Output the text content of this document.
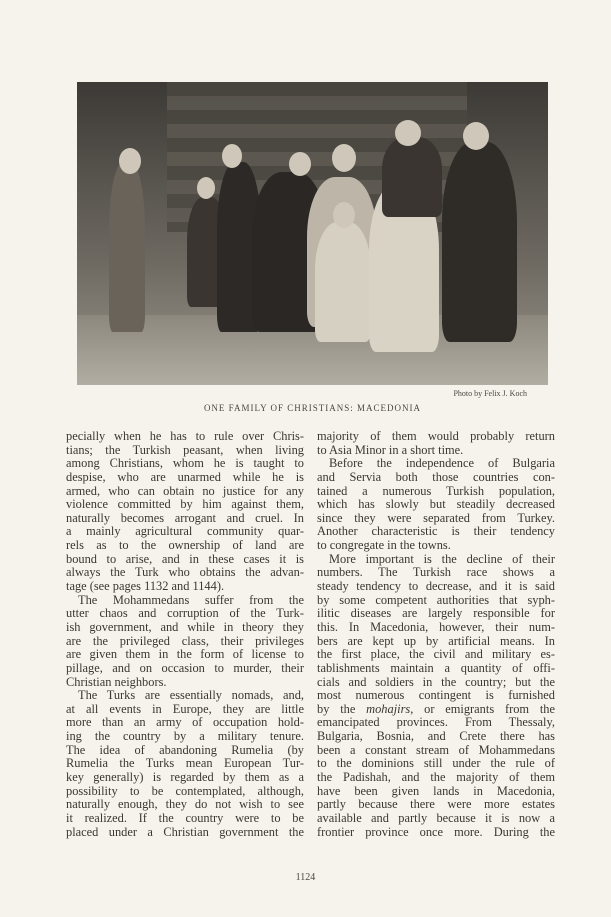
Photo by Felix J. Koch
ONE FAMILY OF CHRISTIANS: MACEDONIA
pecially when he has to rule over Chris-
tians; the Turkish peasant, when living
among Christians, whom he is taught to
despise, who are unarmed while he is
armed, who can obtain no justice for any
violence committed by him against them,
naturally becomes arrogant and cruel. In
a mainly agricultural community quar-
rels as to the ownership of land are
bound to arise, and in these cases it is
always the Turk who obtains the advan-
tage (see pages 1132 and 1144).
The Mohammedans suffer from the
utter chaos and corruption of the Turk-
ish government, and while in theory they
are the privileged class, their privileges
are given them in the form of license to
pillage, and on occasion to murder, their
Christian neighbors.
The Turks are essentially nomads, and,
at all events in Europe, they are little
more than an army of occupation hold-
ing the country by a military tenure.
The idea of abandoning Rumelia (by
Rumelia the Turks mean European Tur-
key generally) is regarded by them as a
possibility to be contemplated, although,
naturally enough, they do not wish to see
it realized. If the country were to be
placed under a Christian government the
majority of them would probably return
to Asia Minor in a short time.
Before the independence of Bulgaria
and Servia both those countries con-
tained a numerous Turkish population,
which has slowly but steadily decreased
since they were separated from Turkey.
Another characteristic is their tendency
to congregate in the towns.
More important is the decline of their
numbers. The Turkish race shows a
steady tendency to decrease, and it is said
by some competent authorities that syph-
ilitic diseases are largely responsible for
this. In Macedonia, however, their num-
bers are kept up by artificial means. In
the first place, the civil and military es-
tablishments maintain a quantity of offi-
cials and soldiers in the country; but the
most numerous contingent is furnished
by the mohajirs, or emigrants from the
emancipated provinces. From Thessaly,
Bulgaria, Bosnia, and Crete there has
been a constant stream of Mohammedans
to the dominions still under the rule of
the Padishah, and the majority of them
have been given lands in Macedonia,
partly because there were more estates
available and partly because it is now a
frontier province once more. During the
1124
